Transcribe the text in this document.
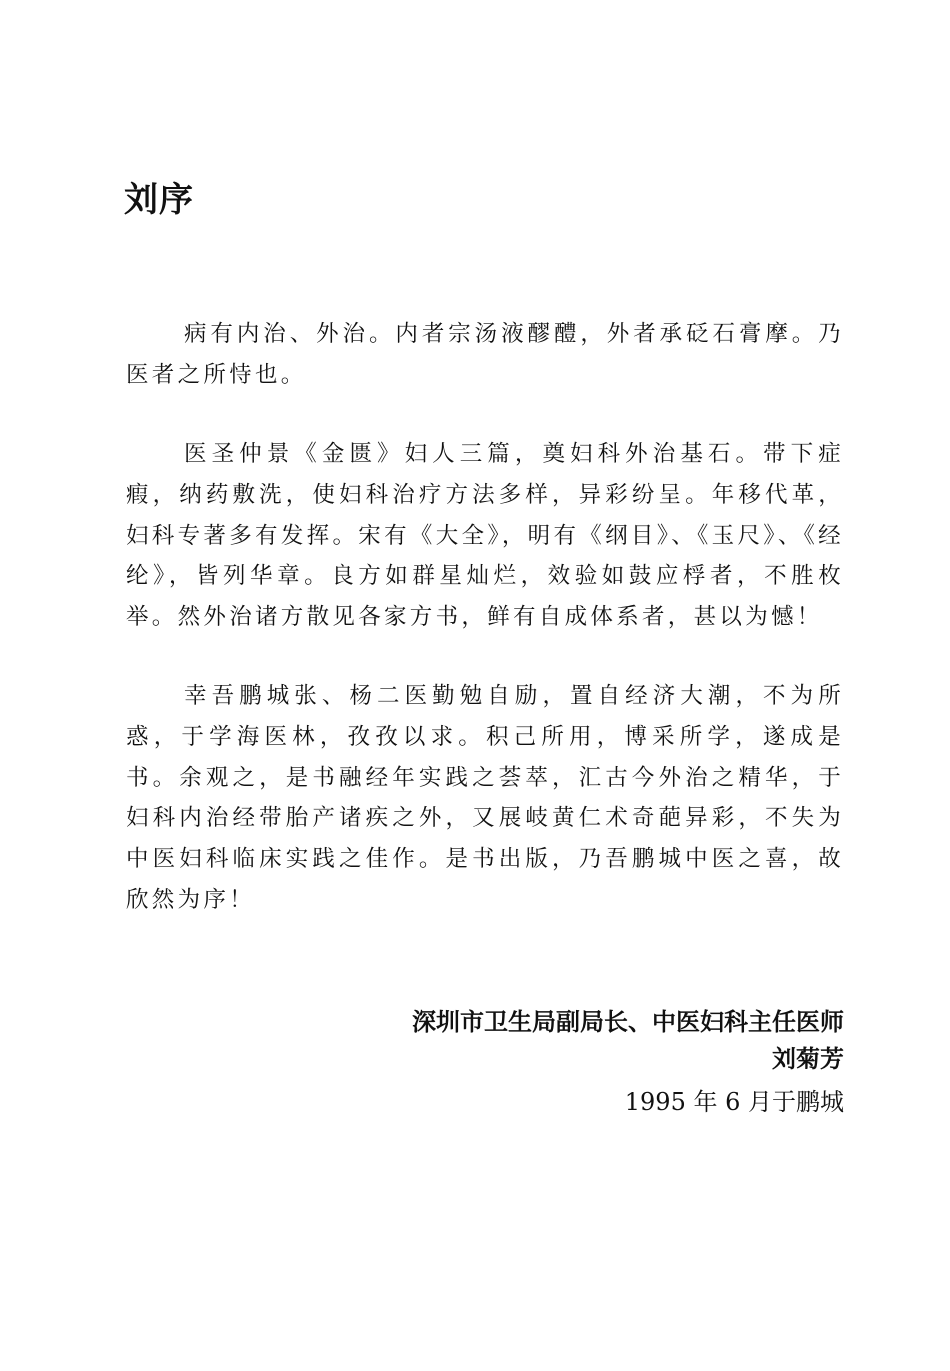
刘序

病有内治、外治。内者宗汤液醪醴，外者承砭石膏摩。乃医者之所恃也。

医圣仲景《金匮》妇人三篇，奠妇科外治基石。带下症瘕，纳药敷洗，使妇科治疗方法多样，异彩纷呈。年移代革，妇科专著多有发挥。宋有《大全》，明有《纲目》、《玉尺》、《经纶》，皆列华章。良方如群星灿烂，效验如鼓应桴者，不胜枚举。然外治诸方散见各家方书，鲜有自成体系者，甚以为憾！

幸吾鹏城张、杨二医勤勉自励，置自经济大潮，不为所惑，于学海医林，孜孜以求。积己所用，博采所学，遂成是书。余观之，是书融经年实践之荟萃，汇古今外治之精华，于妇科内治经带胎产诸疾之外，又展岐黄仁术奇葩异彩，不失为中医妇科临床实践之佳作。是书出版，乃吾鹏城中医之喜，故欣然为序！

深圳市卫生局副局长、中医妇科主任医师

刘菊芳

1995 年 6 月于鹏城
